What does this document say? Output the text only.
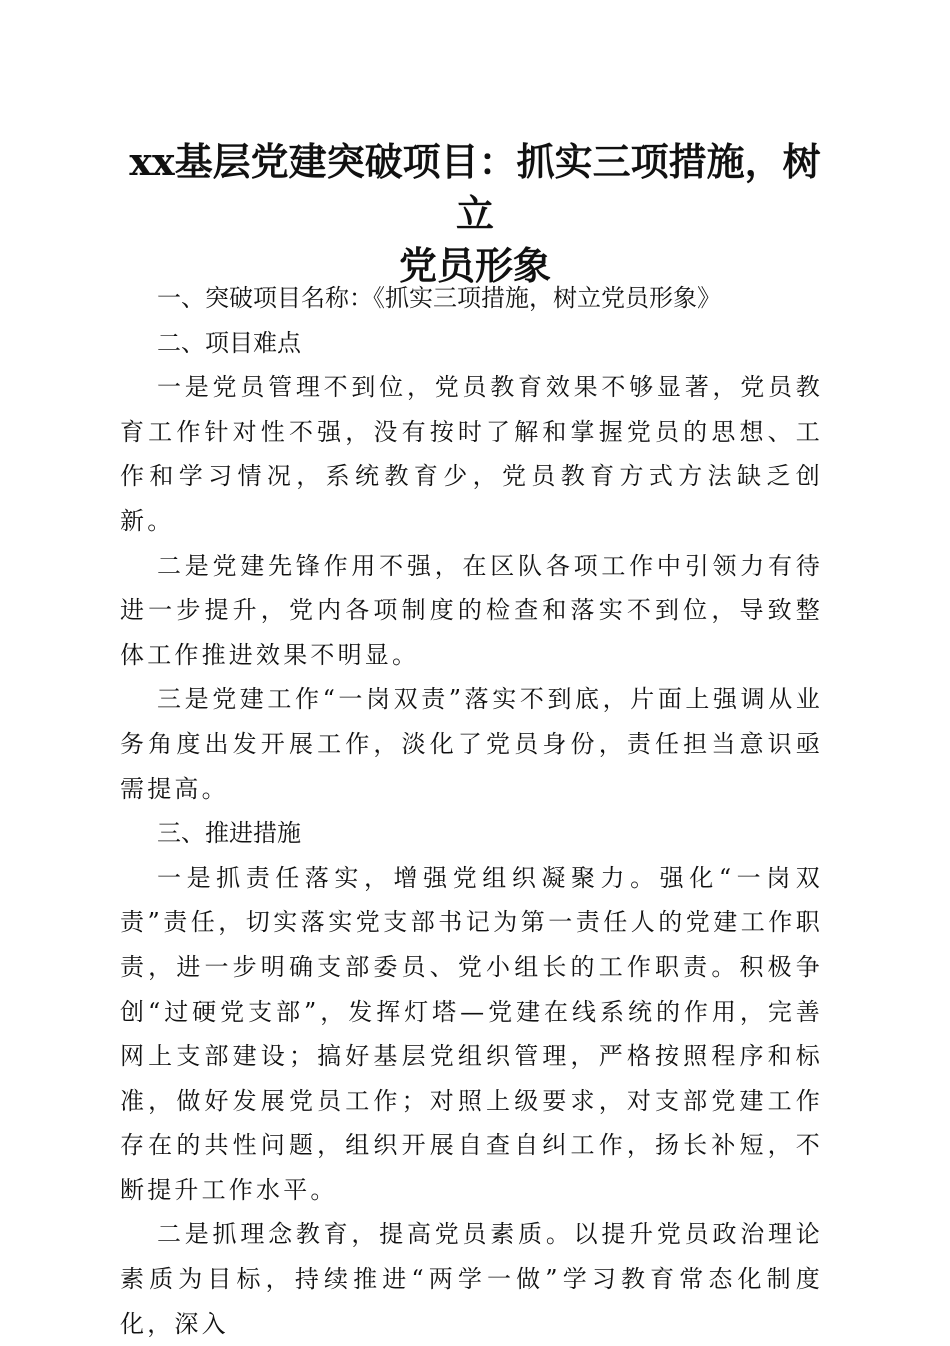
xx基层党建突破项目：抓实三项措施，树立
党员形象

一、突破项目名称：《抓实三项措施，树立党员形象》

二、项目难点

一是党员管理不到位，党员教育效果不够显著，党员教育工作针对性不强，没有按时了解和掌握党员的思想、工作和学习情况，系统教育少，党员教育方式方法缺乏创新。

二是党建先锋作用不强，在区队各项工作中引领力有待进一步提升，党内各项制度的检查和落实不到位，导致整体工作推进效果不明显。

三是党建工作“一岗双责”落实不到底，片面上强调从业务角度出发开展工作，淡化了党员身份，责任担当意识亟需提高。

三、推进措施

一是抓责任落实，增强党组织凝聚力。强化“一岗双责”责任，切实落实党支部书记为第一责任人的党建工作职责，进一步明确支部委员、党小组长的工作职责。积极争创“过硬党支部”，发挥灯塔—党建在线系统的作用，完善网上支部建设；搞好基层党组织管理，严格按照程序和标准，做好发展党员工作；对照上级要求，对支部党建工作存在的共性问题，组织开展自查自纠工作，扬长补短，不断提升工作水平。

二是抓理念教育，提高党员素质。以提升党员政治理论素质为目标，持续推进“两学一做”学习教育常态化制度化，深入
